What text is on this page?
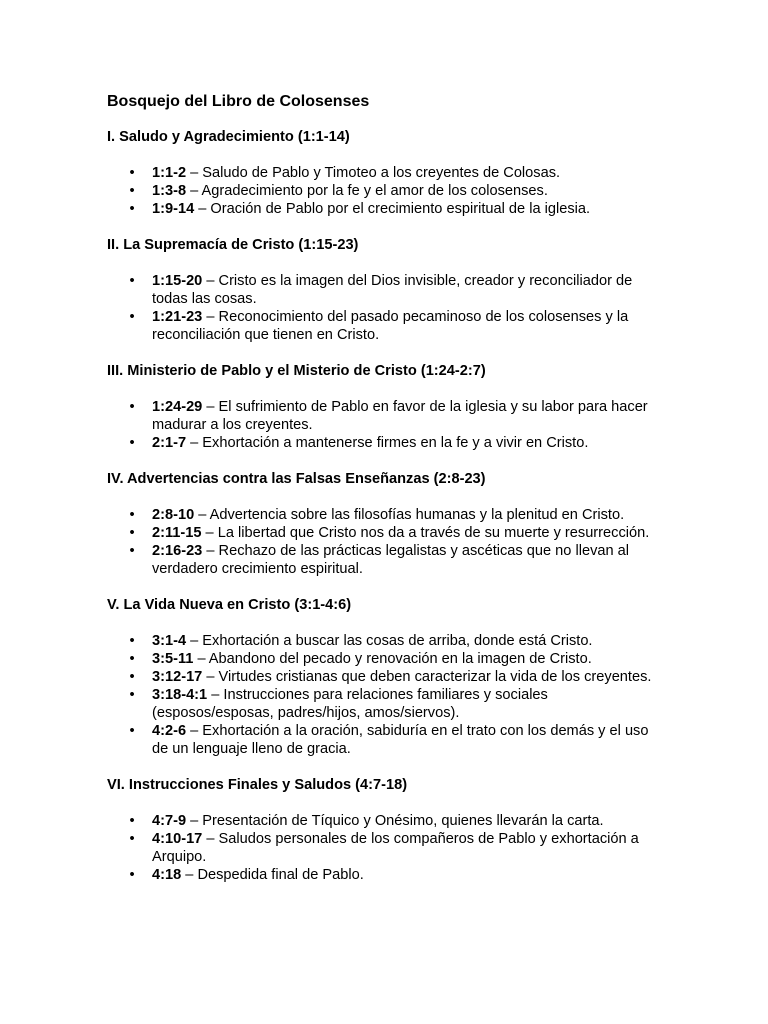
Bosquejo del Libro de Colosenses
I. Saludo y Agradecimiento (1:1-14)
• 1:1-2 – Saludo de Pablo y Timoteo a los creyentes de Colosas.
• 1:3-8 – Agradecimiento por la fe y el amor de los colosenses.
• 1:9-14 – Oración de Pablo por el crecimiento espiritual de la iglesia.
II. La Supremacía de Cristo (1:15-23)
• 1:15-20 – Cristo es la imagen del Dios invisible, creador y reconciliador de todas las cosas.
• 1:21-23 – Reconocimiento del pasado pecaminoso de los colosenses y la reconciliación que tienen en Cristo.
III. Ministerio de Pablo y el Misterio de Cristo (1:24-2:7)
• 1:24-29 – El sufrimiento de Pablo en favor de la iglesia y su labor para hacer madurar a los creyentes.
• 2:1-7 – Exhortación a mantenerse firmes en la fe y a vivir en Cristo.
IV. Advertencias contra las Falsas Enseñanzas (2:8-23)
• 2:8-10 – Advertencia sobre las filosofías humanas y la plenitud en Cristo.
• 2:11-15 – La libertad que Cristo nos da a través de su muerte y resurrección.
• 2:16-23 – Rechazo de las prácticas legalistas y ascéticas que no llevan al verdadero crecimiento espiritual.
V. La Vida Nueva en Cristo (3:1-4:6)
• 3:1-4 – Exhortación a buscar las cosas de arriba, donde está Cristo.
• 3:5-11 – Abandono del pecado y renovación en la imagen de Cristo.
• 3:12-17 – Virtudes cristianas que deben caracterizar la vida de los creyentes.
• 3:18-4:1 – Instrucciones para relaciones familiares y sociales (esposos/esposas, padres/hijos, amos/siervos).
• 4:2-6 – Exhortación a la oración, sabiduría en el trato con los demás y el uso de un lenguaje lleno de gracia.
VI. Instrucciones Finales y Saludos (4:7-18)
• 4:7-9 – Presentación de Tíquico y Onésimo, quienes llevarán la carta.
• 4:10-17 – Saludos personales de los compañeros de Pablo y exhortación a Arquipo.
• 4:18 – Despedida final de Pablo.
